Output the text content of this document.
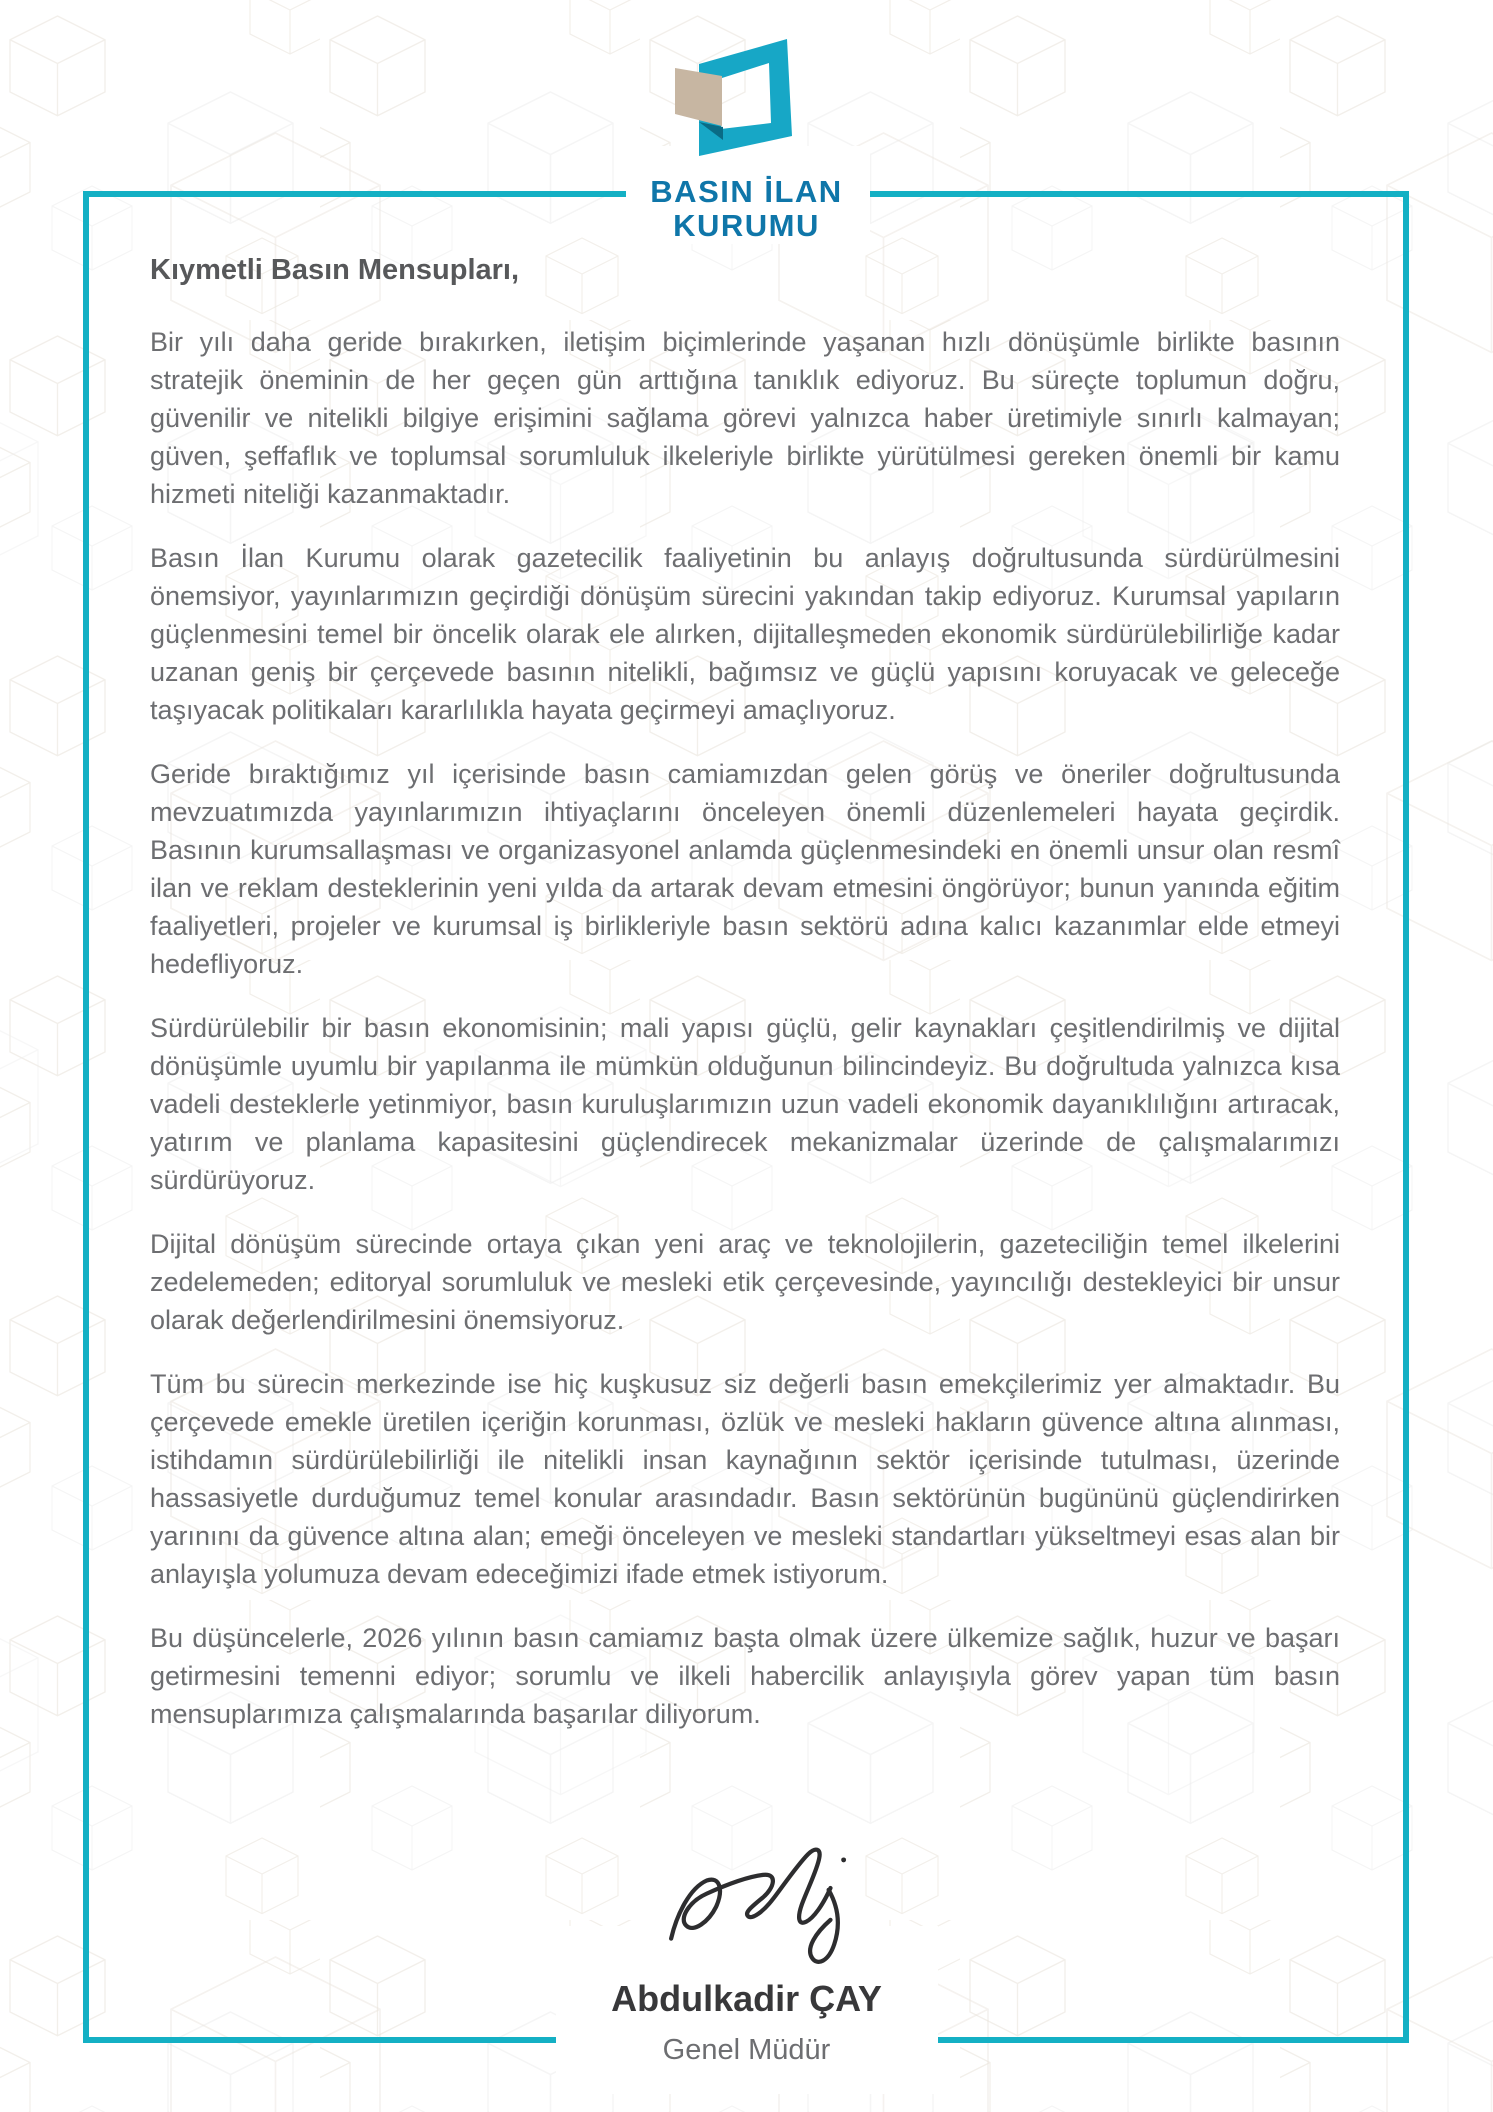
BASIN İLAN
KURUMU
Kıymetli Basın Mensupları,

Bir yılı daha geride bırakırken, iletişim biçimlerinde yaşanan hızlı dönüşümle birlikte basının stratejik öneminin de her geçen gün arttığına tanıklık ediyoruz. Bu süreçte toplumun doğru, güvenilir ve nitelikli bilgiye erişimini sağlama görevi yalnızca haber üretimiyle sınırlı kalmayan; güven, şeffaflık ve toplumsal sorumluluk ilkeleriyle birlikte yürütülmesi gereken önemli bir kamu hizmeti niteliği kazanmaktadır.

Basın İlan Kurumu olarak gazetecilik faaliyetinin bu anlayış doğrultusunda sürdürülmesini önemsiyor, yayınlarımızın geçirdiği dönüşüm sürecini yakından takip ediyoruz. Kurumsal yapıların güçlenmesini temel bir öncelik olarak ele alırken, dijitalleşmeden ekonomik sürdürülebilirliğe kadar uzanan geniş bir çerçevede basının nitelikli, bağımsız ve güçlü yapısını koruyacak ve geleceğe taşıyacak politikaları kararlılıkla hayata geçirmeyi amaçlıyoruz.

Geride bıraktığımız yıl içerisinde basın camiamızdan gelen görüş ve öneriler doğrultusunda mevzuatımızda yayınlarımızın ihtiyaçlarını önceleyen önemli düzenlemeleri hayata geçirdik. Basının kurumsallaşması ve organizasyonel anlamda güçlenmesindeki en önemli unsur olan resmî ilan ve reklam desteklerinin yeni yılda da artarak devam etmesini öngörüyor; bunun yanında eğitim faaliyetleri, projeler ve kurumsal iş birlikleriyle basın sektörü adına kalıcı kazanımlar elde etmeyi hedefliyoruz.

Sürdürülebilir bir basın ekonomisinin; mali yapısı güçlü, gelir kaynakları çeşitlendirilmiş ve dijital dönüşümle uyumlu bir yapılanma ile mümkün olduğunun bilincindeyiz. Bu doğrultuda yalnızca kısa vadeli desteklerle yetinmiyor, basın kuruluşlarımızın uzun vadeli ekonomik dayanıklılığını artıracak, yatırım ve planlama kapasitesini güçlendirecek mekanizmalar üzerinde de çalışmalarımızı sürdürüyoruz.

Dijital dönüşüm sürecinde ortaya çıkan yeni araç ve teknolojilerin, gazeteciliğin temel ilkelerini zedelemeden; editoryal sorumluluk ve mesleki etik çerçevesinde, yayıncılığı destekleyici bir unsur olarak değerlendirilmesini önemsiyoruz.

Tüm bu sürecin merkezinde ise hiç kuşkusuz siz değerli basın emekçilerimiz yer almaktadır. Bu çerçevede emekle üretilen içeriğin korunması, özlük ve mesleki hakların güvence altına alınması, istihdamın sürdürülebilirliği ile nitelikli insan kaynağının sektör içerisinde tutulması, üzerinde hassasiyetle durduğumuz temel konular arasındadır. Basın sektörünün bugününü güçlendirirken yarınını da güvence altına alan; emeği önceleyen ve mesleki standartları yükseltmeyi esas alan bir anlayışla yolumuza devam edeceğimizi ifade etmek istiyorum.

Bu düşüncelerle, 2026 yılının basın camiamız başta olmak üzere ülkemize sağlık, huzur ve başarı getirmesini temenni ediyor; sorumlu ve ilkeli habercilik anlayışıyla görev yapan tüm basın mensuplarımıza çalışmalarında başarılar diliyorum.

Abdulkadir ÇAY
Genel Müdür
